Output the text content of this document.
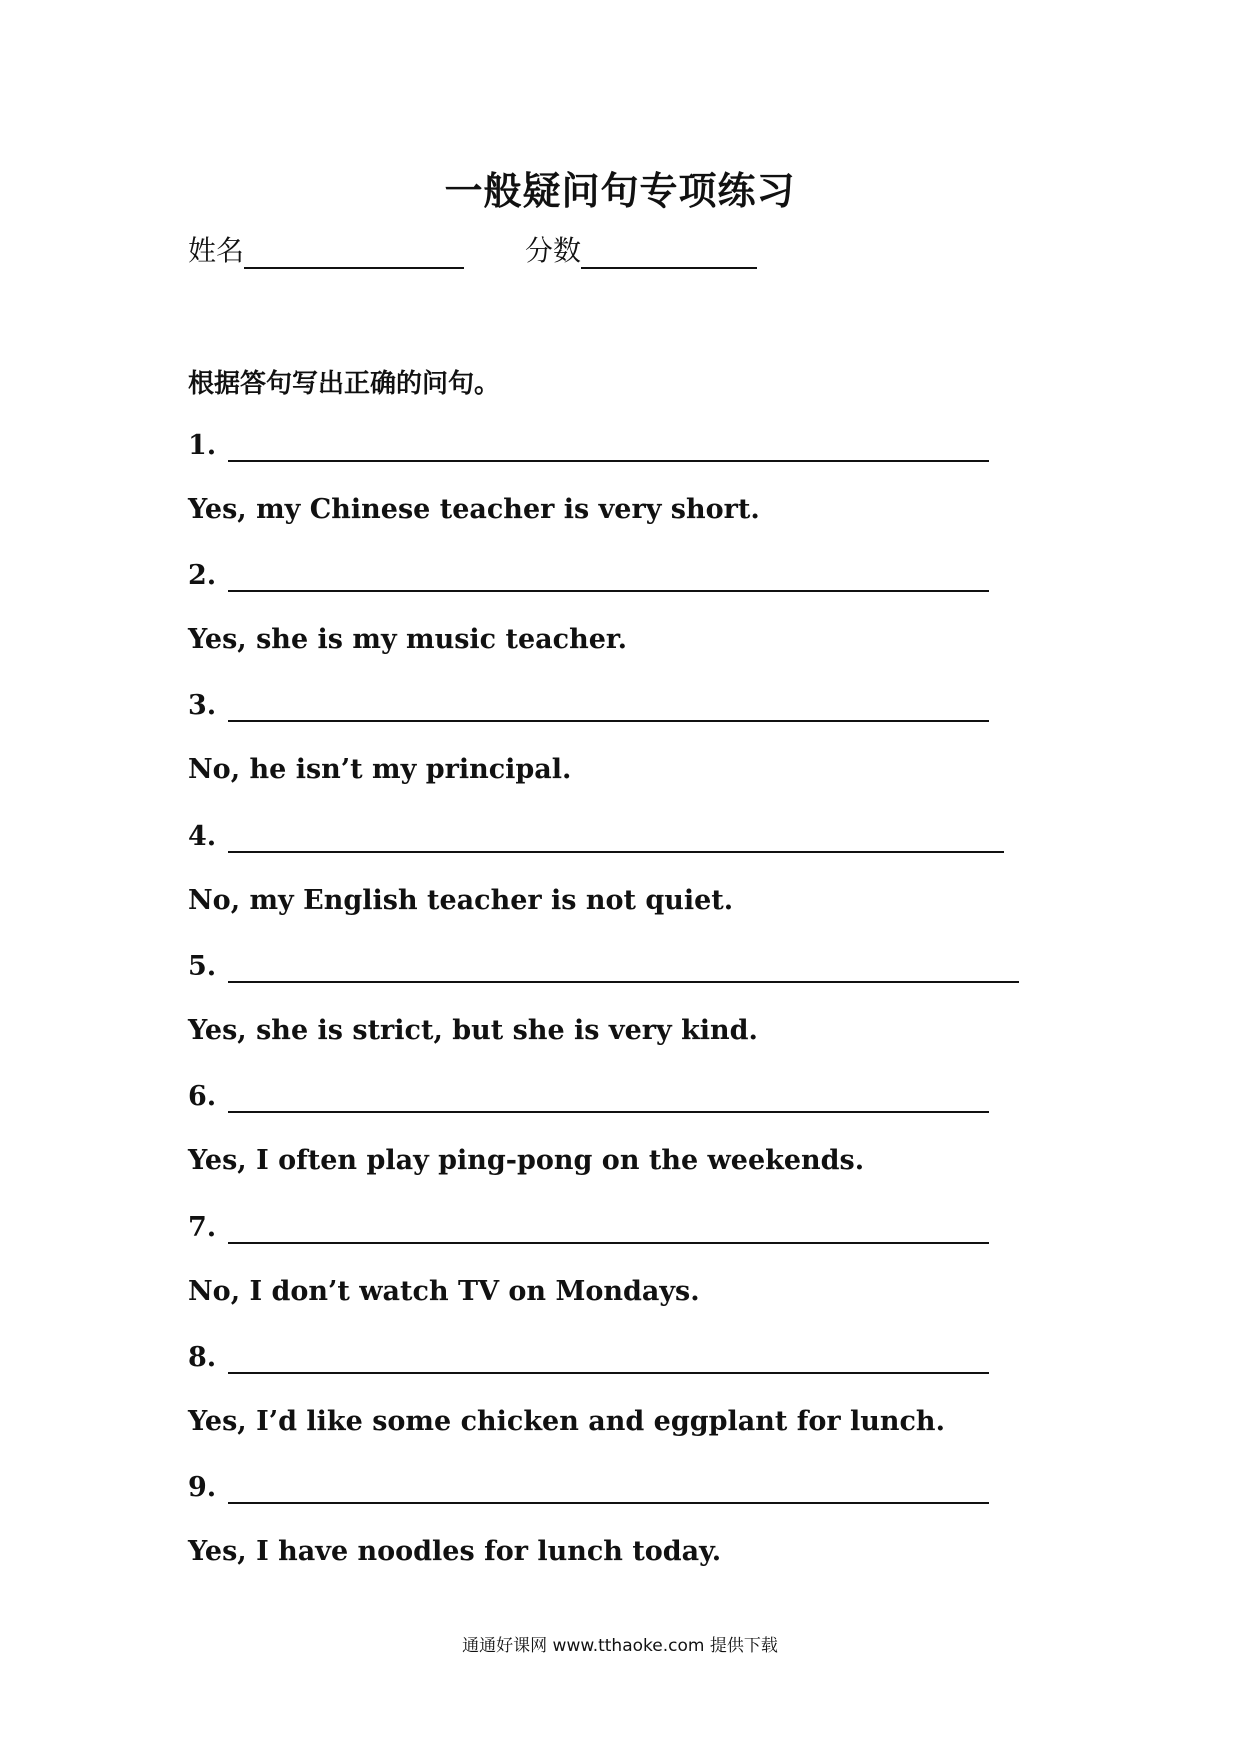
一般疑问句专项练习
姓名	分数
根据答句写出正确的问句。
1.
Yes, my Chinese teacher is very short.
2.
Yes, she is my music teacher.
3.
No, he isn’t my principal.
4.
No, my English teacher is not quiet.
5.
Yes, she is strict, but she is very kind.
6.
Yes, I often play ping-pong on the weekends.
7.
No, I don’t watch TV on Mondays.
8.
Yes, I’d like some chicken and eggplant for lunch.
9.
Yes, I have noodles for lunch today.
通通好课网 www.tthaoke.com 提供下载
